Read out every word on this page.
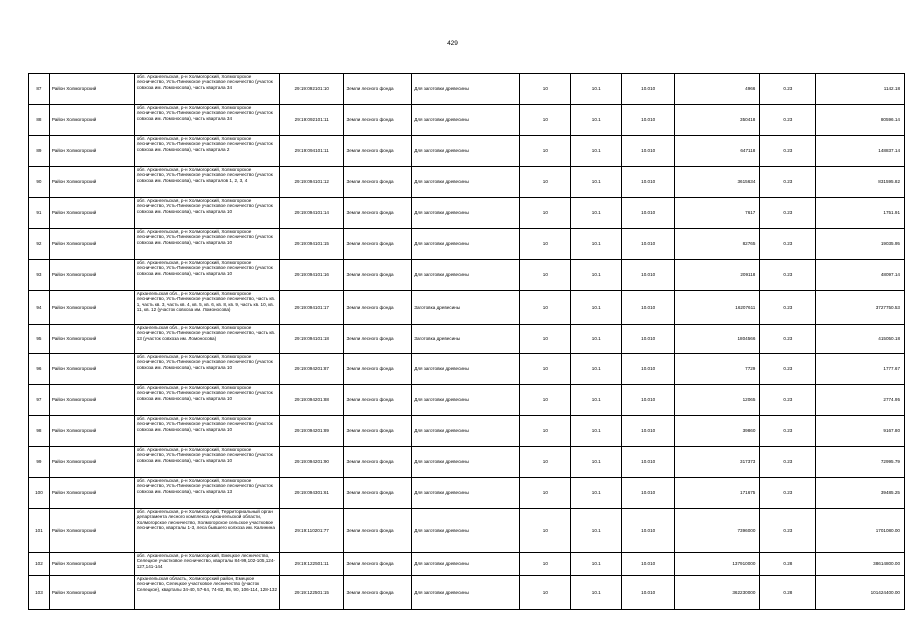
429
87	Район Холмогорский	обл. Архангельская, р-н Холмогорский, Холмогорское лесничество, Усть-Пинежское участковое лесничество (участок совхоза им. Ломоносова), часть квартала 34	29:19:092101:10	Земли лесного фонда	Для заготовки древесины	10	10.1	10.010	4966	0.23	1142.18
88	Район Холмогорский	обл. Архангельская, р-н Холмогорский, Холмогорское лесничество, Усть-Пинежское участковое лесничество (участок совхоза им. Ломоносова), часть квартала 34	29:19:092101:11	Земли лесного фонда	Для заготовки древесины	10	10.1	10.010	350418	0.23	80596.14
89	Район Холмогорский	обл. Архангельская, р-н Холмогорский, Холмогорское лесничество, Усть-Пинежское участковое лесничество (участок совхоза им. Ломоносова), часть квартала 2	29:19:094101:11	Земли лесного фонда	Для заготовки древесины	10	10.1	10.010	647118	0.23	148837.14
90	Район Холмогорский	обл. Архангельская, р-н Холмогорский, Холмогорское лесничество, Усть-Пинежское участковое лесничество (участок совхоза им. Ломоносова), часть кварталов 1, 2, 3, 4	29:19:094101:12	Земли лесного фонда	Для заготовки древесины	10	10.1	10.010	3615634	0.23	831595.82
91	Район Холмогорский	обл. Архангельская, р-н Холмогорский, Холмогорское лесничество, Усть-Пинежское участковое лесничество (участок совхоза им. Ломоносова), часть квартала 10	29:19:094101:14	Земли лесного фонда	Для заготовки древесины	10	10.1	10.010	7617	0.23	1751.91
92	Район Холмогорский	обл. Архангельская, р-н Холмогорский, Холмогорское лесничество, Усть-Пинежское участковое лесничество (участок совхоза им. Ломоносова), часть квартала 10	29:19:094101:15	Земли лесного фонда	Для заготовки древесины	10	10.1	10.010	82765	0.23	19035.95
93	Район Холмогорский	обл. Архангельская, р-н Холмогорский, Холмогорское лесничество, Усть-Пинежское участковое лесничество (участок совхоза им. Ломоносова), часть квартала 10	29:19:094101:16	Земли лесного фонда	Для заготовки древесины	10	10.1	10.010	209118	0.23	48097.14
94	Район Холмогорский	Архангельская обл., р-н Холмогорский, Холмогорское лесничество, Усть-Пинежское участковое лесничество, часть кв. 1, часть кв. 3, часть кв. 4, кв. 5, кв. 6, кв. 8, кв. 9, часть кв. 10, кв. 11, кв. 12 (участок совхоза им. Ломоносова)	29:19:094101:17	Земли лесного фонда	Заготовка древесины	10	10.1	10.010	16207611	0.23	3727750.53
95	Район Холмогорский	Архангельская обл., р-н Холмогорский, Холмогорское лесничество, Усть-Пинежское участковое лесничество, часть кв. 13 (участок совхоза им. Ломоносова)	29:19:094101:18	Земли лесного фонда	Заготовка древесины	10	10.1	10.010	1804566	0.23	415050.18
96	Район Холмогорский	обл. Архангельская, р-н Холмогорский, Холмогорское лесничество, Усть-Пинежское участковое лесничество (участок совхоза им. Ломоносова), часть квартала 10	29:19:094201:87	Земли лесного фонда	Для заготовки древесины	10	10.1	10.010	7729	0.23	1777.67
97	Район Холмогорский	обл. Архангельская, р-н Холмогорский, Холмогорское лесничество, Усть-Пинежское участковое лесничество (участок совхоза им. Ломоносова), часть квартала 10	29:19:094201:88	Земли лесного фонда	Для заготовки древесины	10	10.1	10.010	12065	0.23	2774.95
98	Район Холмогорский	обл. Архангельская, р-н Холмогорский, Холмогорское лесничество, Усть-Пинежское участковое лесничество (участок совхоза им. Ломоносова), часть квартала 10	29:19:094201:89	Земли лесного фонда	Для заготовки древесины	10	10.1	10.010	39860	0.23	9167.80
99	Район Холмогорский	обл. Архангельская, р-н Холмогорский, Холмогорское лесничество, Усть-Пинежское участковое лесничество (участок совхоза им. Ломоносова), часть квартала 10	29:19:094201:90	Земли лесного фонда	Для заготовки древесины	10	10.1	10.010	317373	0.23	72995.79
100	Район Холмогорский	обл. Архангельская, р-н Холмогорский, Холмогорское лесничество, Усть-Пинежское участковое лесничество (участок совхоза им. Ломоносова), часть квартала 13	29:19:094301:61	Земли лесного фонда	Для заготовки древесины	10	10.1	10.010	171675	0.23	39485.25
101	Район Холмогорский	обл. Архангельская, р-н Холмогорский, Территориальный орган департамента лесного комплекса Архангельской области, Холмогорское лесничество, Холмогорское сельское участковое лесничество, кварталы 1-3, леса бывшего колхоза им. Калинина	29:19:110201:77	Земли лесного фонда	Для заготовки древесины	10	10.1	10.010	7396000	0.23	1701080.00
102	Район Холмогорский	обл. Архангельская, р-н Холмогорский, Емецкое лесничество, Селецкое участковое лесничество, кварталы 84-99,102-105,124-127,141-144	29:19:122501:11	Земли лесного фонда	Для заготовки древесины	10	10.1	10.010	137910000	0.28	38614800.00
103	Район Холмогорский	Архангельская область, Холмогорский район, Емецкое лесничество, Селецкое участковое лесничество (участок Селецкое), кварталы 34-40, 57-64, 74-82, 85, 90, 106-114, 128-132	29:19:122501:15	Земли лесного фонда	Для заготовки древесины	10	10.1	10.010	362230000	0.28	101424400.00
